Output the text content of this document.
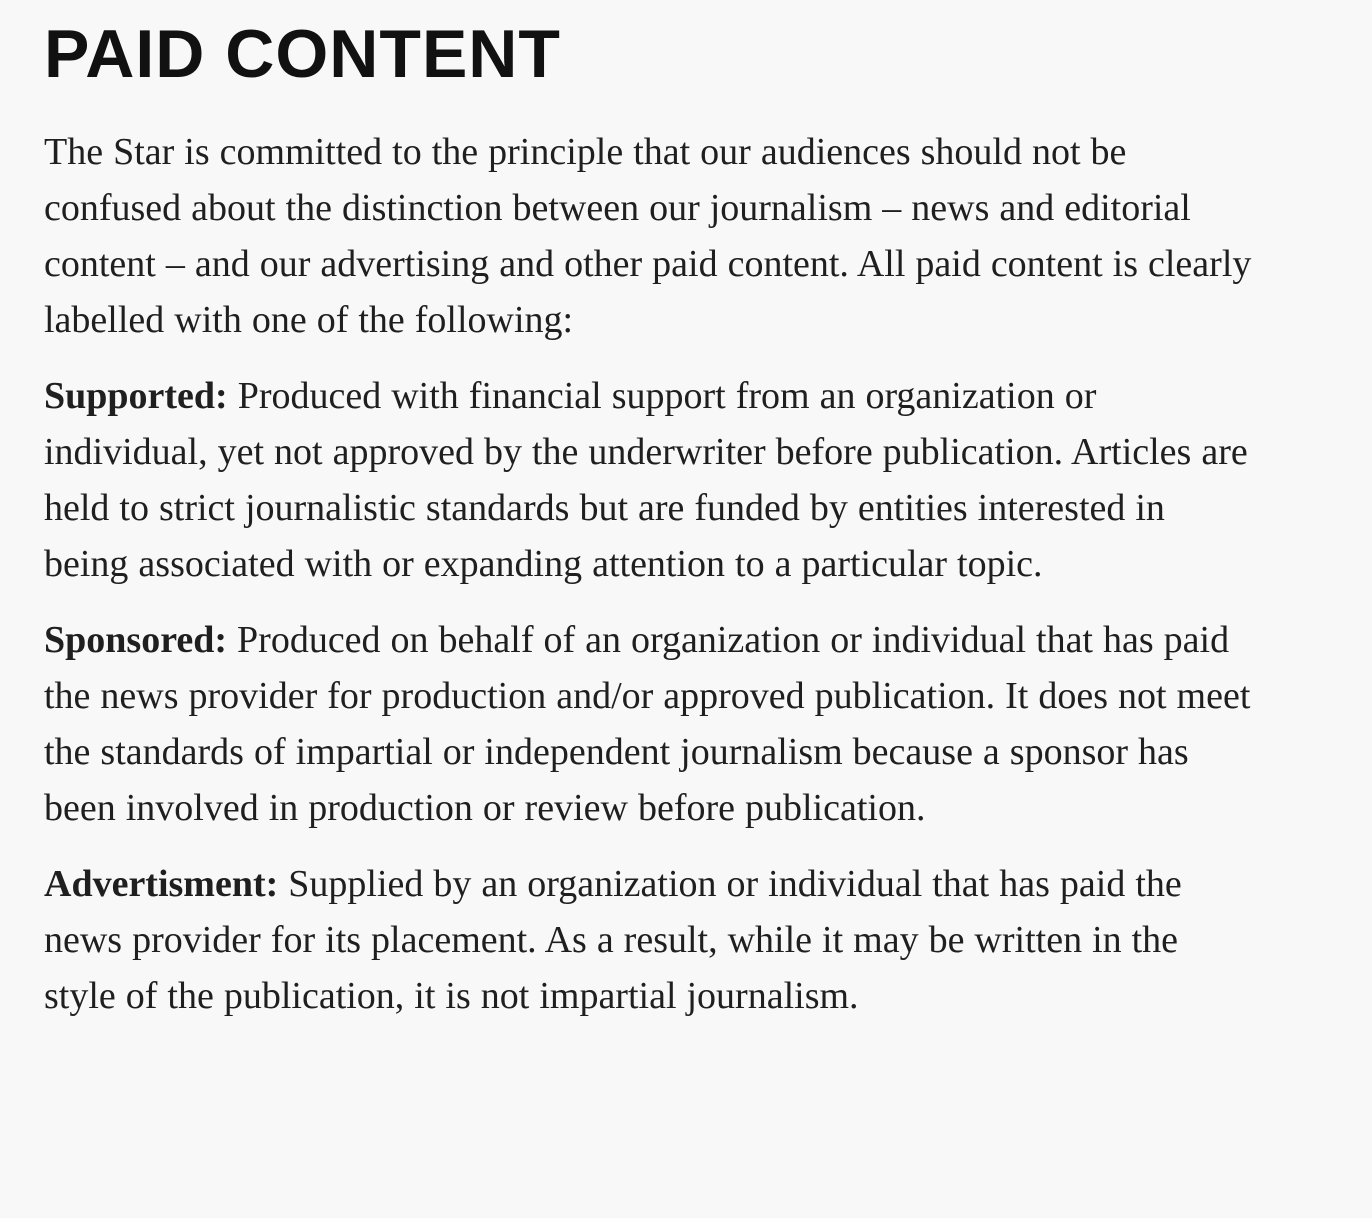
PAID CONTENT

The Star is committed to the principle that our audiences should not be confused about the distinction between our journalism – news and editorial content – and our advertising and other paid content. All paid content is clearly labelled with one of the following:

Supported: Produced with financial support from an organization or individual, yet not approved by the underwriter before publication. Articles are held to strict journalistic standards but are funded by entities interested in being associated with or expanding attention to a particular topic.

Sponsored: Produced on behalf of an organization or individual that has paid the news provider for production and/or approved publication. It does not meet the standards of impartial or independent journalism because a sponsor has been involved in production or review before publication.

Advertisment: Supplied by an organization or individual that has paid the news provider for its placement. As a result, while it may be written in the style of the publication, it is not impartial journalism.
